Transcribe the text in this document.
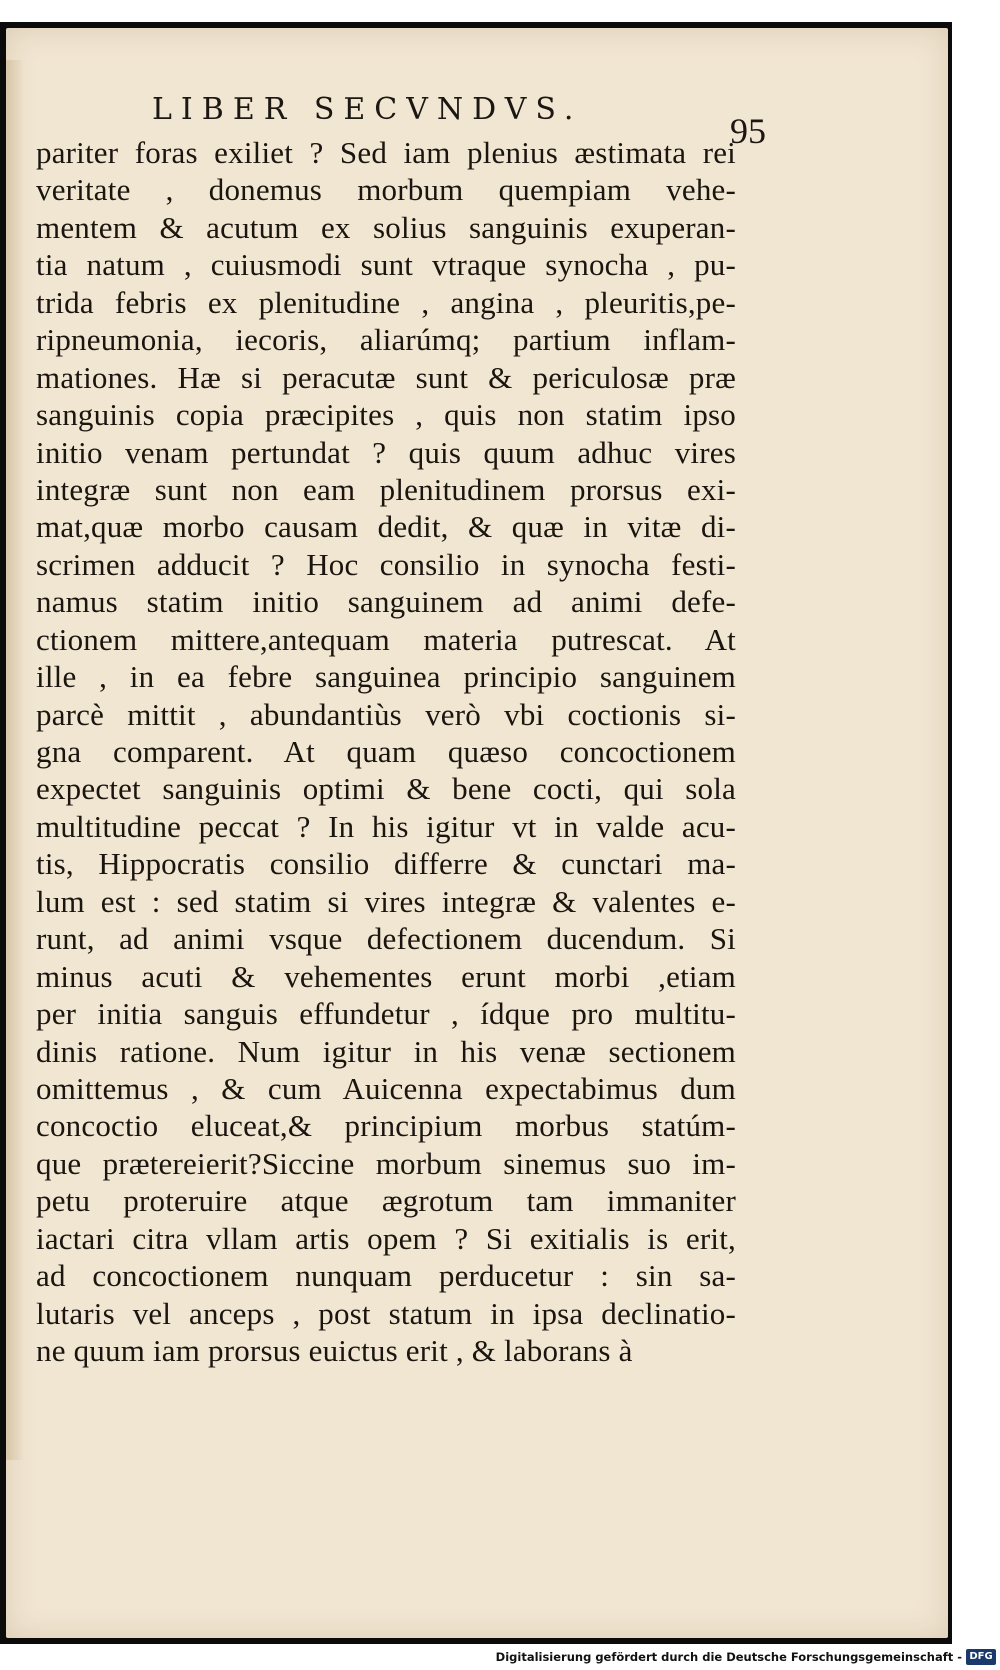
LIBER SECVNDVS.
95
pariter foras exiliet ? Sed iam plenius æstimata rei
veritate , donemus morbum quempiam vehe-
mentem & acutum ex solius sanguinis exuperan-
tia natum , cuiusmodi sunt vtraque synocha , pu-
trida febris ex plenitudine , angina , pleuritis,pe-
ripneumonia, iecoris, aliarúmq; partium inflam-
mationes. Hæ si peracutæ sunt & periculosæ præ
sanguinis copia præcipites , quis non statim ipso
initio venam pertundat ? quis quum adhuc vires
integræ sunt non eam plenitudinem prorsus exi-
mat,quæ morbo causam dedit, & quæ in vitæ di-
scrimen adducit ? Hoc consilio in synocha festi-
namus statim initio sanguinem ad animi defe-
ctionem mittere,antequam materia putrescat. At
ille , in ea febre sanguinea principio sanguinem
parcè mittit , abundantiùs verò vbi coctionis si-
gna comparent. At quam quæso concoctionem
expectet sanguinis optimi & bene cocti, qui sola
multitudine peccat ? In his igitur vt in valde acu-
tis, Hippocratis consilio differre & cunctari ma-
lum est : sed statim si vires integræ & valentes e-
runt, ad animi vsque defectionem ducendum. Si
minus acuti & vehementes erunt morbi ,etiam
per initia sanguis effundetur , ídque pro multitu-
dinis ratione. Num igitur in his venæ sectionem
omittemus , & cum Auicenna expectabimus dum
concoctio eluceat,& principium morbus statúm-
que prætereierit?Siccine morbum sinemus suo im-
petu proteruire atque ægrotum tam immaniter
iactari citra vllam artis opem ? Si exitialis is erit,
ad concoctionem nunquam perducetur : sin sa-
lutaris vel anceps , post statum in ipsa declinatio-
ne quum iam prorsus euictus erit , & laborans à
Digitalisierung gefördert durch die Deutsche Forschungsgemeinschaft - DFG
